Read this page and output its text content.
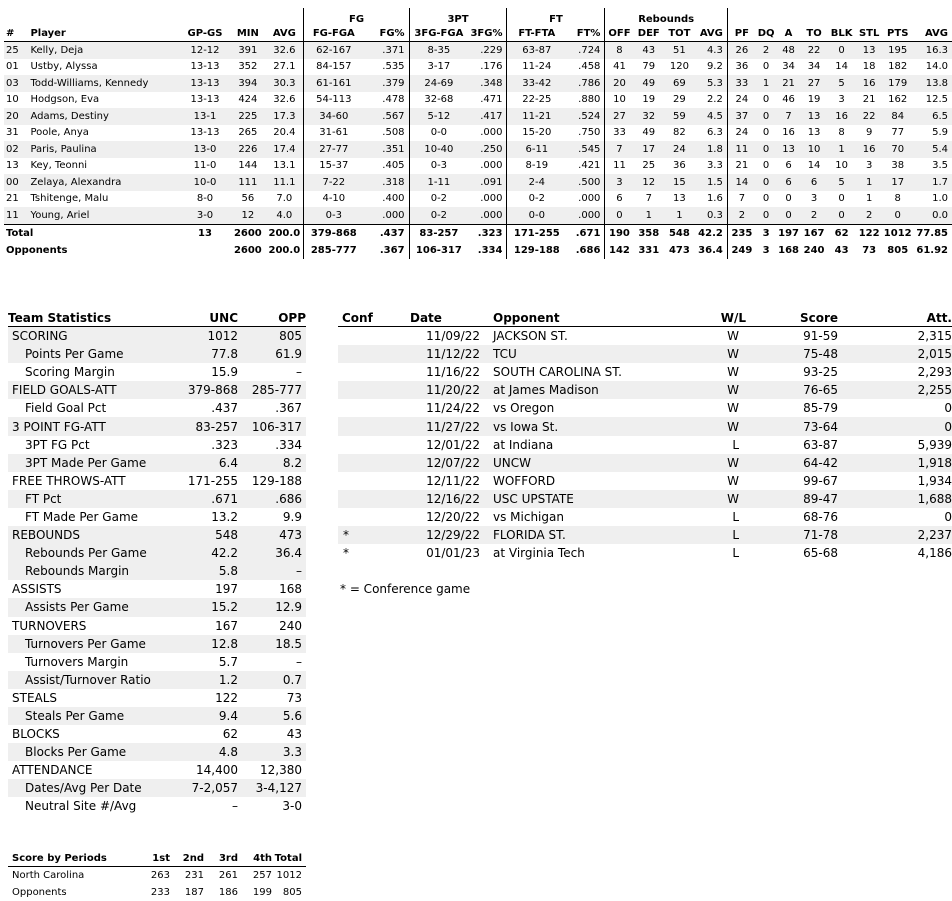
					FG		3PT		FT		Rebounds											
#	Player	GP-GS	MIN	AVG	FG-FGA	FG%	3FG-FGA	3FG%	FT-FTA	FT%	OFF	DEF	TOT	AVG	PF	DQ	A	TO	BLK	STL	PTS	AVG
25	Kelly, Deja	12-12	391	32.6	62-167	.371	8-35	.229	63-87	.724	8	43	51	4.3	26	2	48	22	0	13	195	16.3
01	Ustby, Alyssa	13-13	352	27.1	84-157	.535	3-17	.176	11-24	.458	41	79	120	9.2	36	0	34	34	14	18	182	14.0
03	Todd-Williams, Kennedy	13-13	394	30.3	61-161	.379	24-69	.348	33-42	.786	20	49	69	5.3	33	1	21	27	5	16	179	13.8
10	Hodgson, Eva	13-13	424	32.6	54-113	.478	32-68	.471	22-25	.880	10	19	29	2.2	24	0	46	19	3	21	162	12.5
20	Adams, Destiny	13-1	225	17.3	34-60	.567	5-12	.417	11-21	.524	27	32	59	4.5	37	0	7	13	16	22	84	6.5
31	Poole, Anya	13-13	265	20.4	31-61	.508	0-0	.000	15-20	.750	33	49	82	6.3	24	0	16	13	8	9	77	5.9
02	Paris, Paulina	13-0	226	17.4	27-77	.351	10-40	.250	6-11	.545	7	17	24	1.8	11	0	13	10	1	16	70	5.4
13	Key, Teonni	11-0	144	13.1	15-37	.405	0-3	.000	8-19	.421	11	25	36	3.3	21	0	6	14	10	3	38	3.5
00	Zelaya, Alexandra	10-0	111	11.1	7-22	.318	1-11	.091	2-4	.500	3	12	15	1.5	14	0	6	6	5	1	17	1.7
21	Tshitenge, Malu	8-0	56	7.0	4-10	.400	0-2	.000	0-2	.000	6	7	13	1.6	7	0	0	3	0	1	8	1.0
11	Young, Ariel	3-0	12	4.0	0-3	.000	0-2	.000	0-0	.000	0	1	1	0.3	2	0	0	2	0	2	0	0.0
Total		13	2600	200.0	379-868	.437	83-257	.323	171-255	.671	190	358	548	42.2	235	3	197	167	62	122	1012	77.85
Opponents			2600	200.0	285-777	.367	106-317	.334	129-188	.686	142	331	473	36.4	249	3	168	240	43	73	805	61.92
Team Statistics	UNC	OPP
SCORING	1012	805
Points Per Game	77.8	61.9
Scoring Margin	15.9	–
FIELD GOALS-ATT	379-868	285-777
Field Goal Pct	.437	.367
3 POINT FG-ATT	83-257	106-317
3PT FG Pct	.323	.334
3PT Made Per Game	6.4	8.2
FREE THROWS-ATT	171-255	129-188
FT Pct	.671	.686
FT Made Per Game	13.2	9.9
REBOUNDS	548	473
Rebounds Per Game	42.2	36.4
Rebounds Margin	5.8	–
ASSISTS	197	168
Assists Per Game	15.2	12.9
TURNOVERS	167	240
Turnovers Per Game	12.8	18.5
Turnovers Margin	5.7	–
Assist/Turnover Ratio	1.2	0.7
STEALS	122	73
Steals Per Game	9.4	5.6
BLOCKS	62	43
Blocks Per Game	4.8	3.3
ATTENDANCE	14,400	12,380
Dates/Avg Per Date	7-2,057	3-4,127
Neutral Site #/Avg	–	3-0
Conf	Date	Opponent	W/L	Score	Att.
	11/09/22	JACKSON ST.	W	91-59	2,315
	11/12/22	TCU	W	75-48	2,015
	11/16/22	SOUTH CAROLINA ST.	W	93-25	2,293
	11/20/22	at James Madison	W	76-65	2,255
	11/24/22	vs Oregon	W	85-79	0
	11/27/22	vs Iowa St.	W	73-64	0
	12/01/22	at Indiana	L	63-87	5,939
	12/07/22	UNCW	W	64-42	1,918
	12/11/22	WOFFORD	W	99-67	1,934
	12/16/22	USC UPSTATE	W	89-47	1,688
	12/20/22	vs Michigan	L	68-76	0
*	12/29/22	FLORIDA ST.	L	71-78	2,237
*	01/01/23	at Virginia Tech	L	65-68	4,186
* = Conference game
Score by Periods	1st	2nd	3rd	4th	Total
North Carolina	263	231	261	257	1012
Opponents	233	187	186	199	805
